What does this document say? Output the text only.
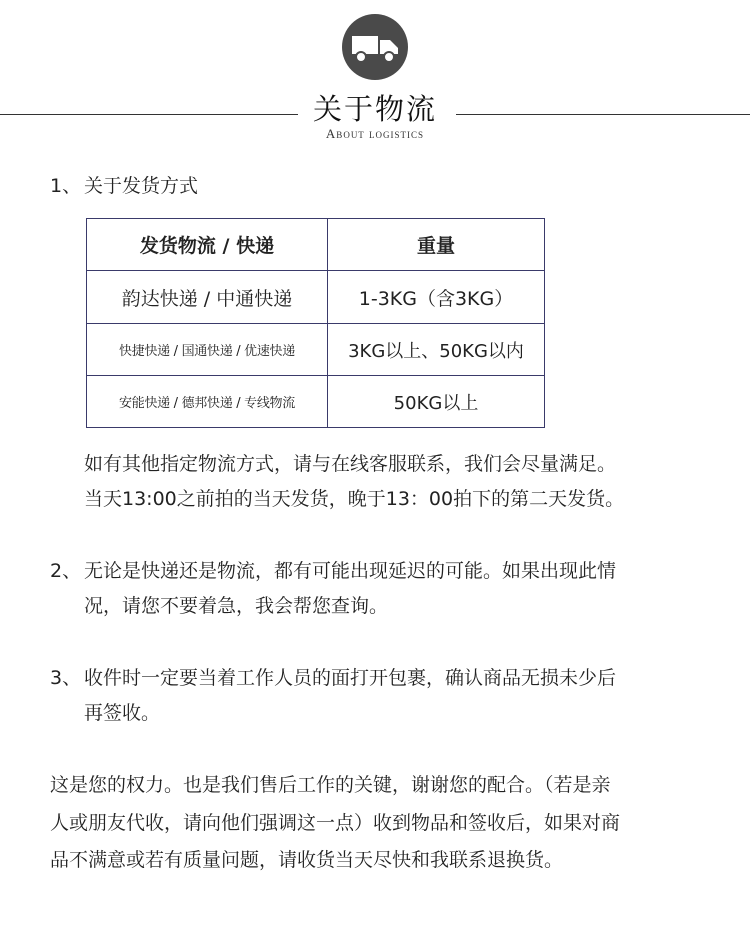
关于物流
About logistics
1、 关于发货方式
发货物流 / 快递	重量
韵达快递 / 中通快递	1-3KG（含3KG）
快捷快递 / 国通快递 / 优速快递	3KG以上、50KG以内
安能快递 / 德邦快递 / 专线物流	50KG以上
如有其他指定物流方式，请与在线客服联系，我们会尽量满足。
当天13:00之前拍的当天发货，晚于13：00拍下的第二天发货。
2、 无论是快递还是物流，都有可能出现延迟的可能。如果出现此情
况，请您不要着急，我会帮您查询。
3、 收件时一定要当着工作人员的面打开包裹，确认商品无损未少后
再签收。
这是您的权力。也是我们售后工作的关键，谢谢您的配合。（若是亲
人或朋友代收，请向他们强调这一点）收到物品和签收后，如果对商
品不满意或若有质量问题，请收货当天尽快和我联系退换货。
